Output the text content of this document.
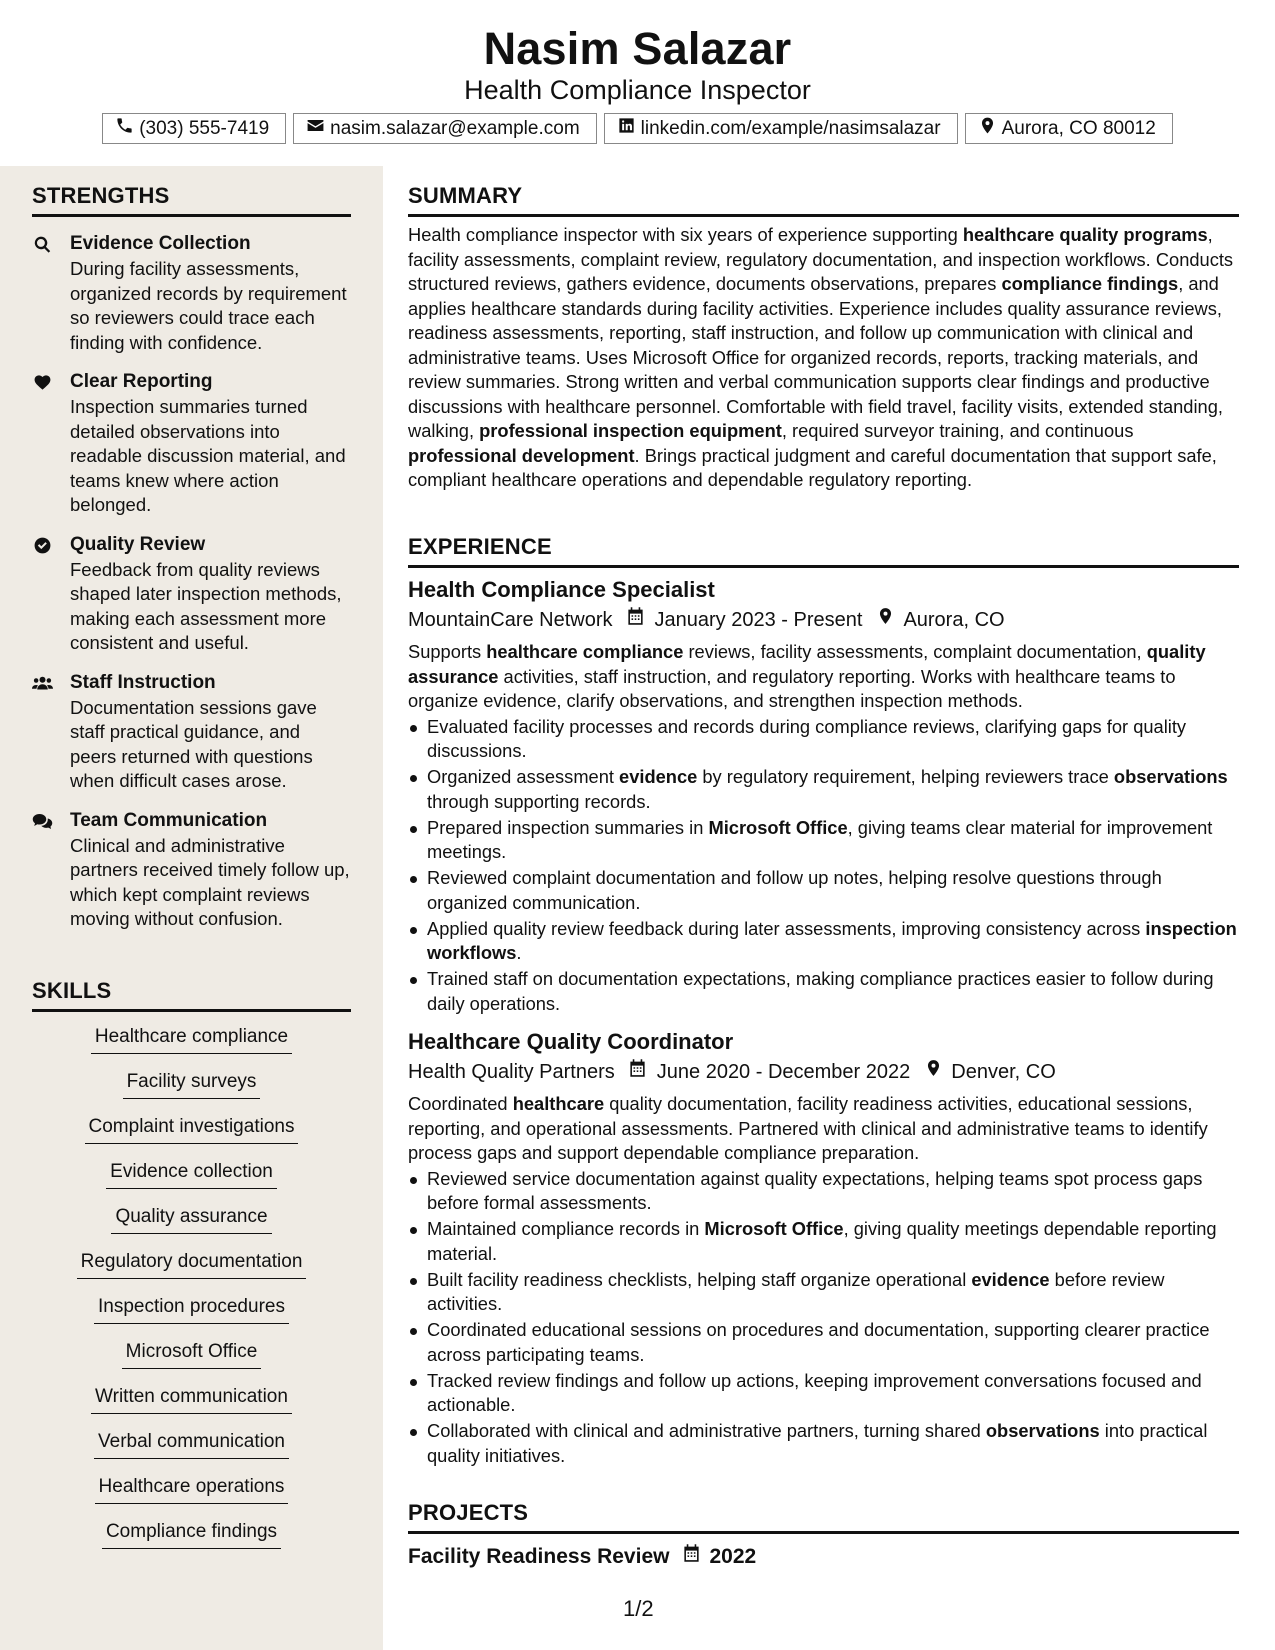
Nasim Salazar
Health Compliance Inspector
(303) 555-7419	nasim.salazar@example.com	linkedin.com/example/nasimsalazar	Aurora, CO 80012
STRENGTHS
Evidence Collection
During facility assessments, organized records by requirement so reviewers could trace each finding with confidence.
Clear Reporting
Inspection summaries turned detailed observations into readable discussion material, and teams knew where action belonged.
Quality Review
Feedback from quality reviews shaped later inspection methods, making each assessment more consistent and useful.
Staff Instruction
Documentation sessions gave staff practical guidance, and peers returned with questions when difficult cases arose.
Team Communication
Clinical and administrative partners received timely follow up, which kept complaint reviews moving without confusion.
SKILLS
Healthcare compliance
Facility surveys
Complaint investigations
Evidence collection
Quality assurance
Regulatory documentation
Inspection procedures
Microsoft Office
Written communication
Verbal communication
Healthcare operations
Compliance findings
SUMMARY

Health compliance inspector with six years of experience supporting healthcare quality programs, facility assessments, complaint review, regulatory documentation, and inspection workflows. Conducts structured reviews, gathers evidence, documents observations, prepares compliance findings, and applies healthcare standards during facility activities. Experience includes quality assurance reviews, readiness assessments, reporting, staff instruction, and follow up communication with clinical and administrative teams. Uses Microsoft Office for organized records, reports, tracking materials, and review summaries. Strong written and verbal communication supports clear findings and productive discussions with healthcare personnel. Comfortable with field travel, facility visits, extended standing, walking, professional inspection equipment, required surveyor training, and continuous professional development. Brings practical judgment and careful documentation that support safe, compliant healthcare operations and dependable regulatory reporting.

EXPERIENCE
Health Compliance Specialist
MountainCare Network January 2023 - Present Aurora, CO

Supports healthcare compliance reviews, facility assessments, complaint documentation, quality assurance activities, staff instruction, and regulatory reporting. Works with healthcare teams to organize evidence, clarify observations, and strengthen inspection methods.

Evaluated facility processes and records during compliance reviews, clarifying gaps for quality discussions.
Organized assessment evidence by regulatory requirement, helping reviewers trace observations through supporting records.
Prepared inspection summaries in Microsoft Office, giving teams clear material for improvement meetings.
Reviewed complaint documentation and follow up notes, helping resolve questions through organized communication.
Applied quality review feedback during later assessments, improving consistency across inspection workflows.
Trained staff on documentation expectations, making compliance practices easier to follow during daily operations.
Healthcare Quality Coordinator
Health Quality Partners June 2020 - December 2022 Denver, CO

Coordinated healthcare quality documentation, facility readiness activities, educational sessions, reporting, and operational assessments. Partnered with clinical and administrative teams to identify process gaps and support dependable compliance preparation.

Reviewed service documentation against quality expectations, helping teams spot process gaps before formal assessments.
Maintained compliance records in Microsoft Office, giving quality meetings dependable reporting material.
Built facility readiness checklists, helping staff organize operational evidence before review activities.
Coordinated educational sessions on procedures and documentation, supporting clearer practice across participating teams.
Tracked review findings and follow up actions, keeping improvement conversations focused and actionable.
Collaborated with clinical and administrative partners, turning shared observations into practical quality initiatives.
PROJECTS
Facility Readiness Review 2022
1/2
